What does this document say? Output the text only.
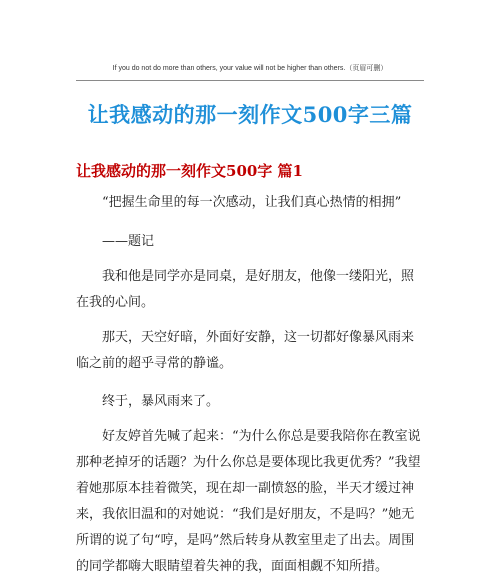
If you do not do more than others, your value will not be higher than others.（页眉可删）
让我感动的那一刻作文500字三篇
让我感动的那一刻作文500字 篇1

“把握生命里的每一次感动，让我们真心热情的相拥”

——题记

我和他是同学亦是同桌，是好朋友，他像一缕阳光，照在我的心间。

那天，天空好暗，外面好安静，这一切都好像暴风雨来临之前的超乎寻常的静谧。

终于，暴风雨来了。

好友婷首先喊了起来：“为什么你总是要我陪你在教室说那种老掉牙的话题？为什么你总是要体现比我更优秀？”我望着她那原本挂着微笑，现在却一副愤怒的脸，半天才缓过神来，我依旧温和的对她说：“我们是好朋友，不是吗？”她无所谓的说了句“哼，是吗”然后转身从教室里走了出去。周围的同学都嗨大眼睛望着失神的我，面面相觑不知所措。
